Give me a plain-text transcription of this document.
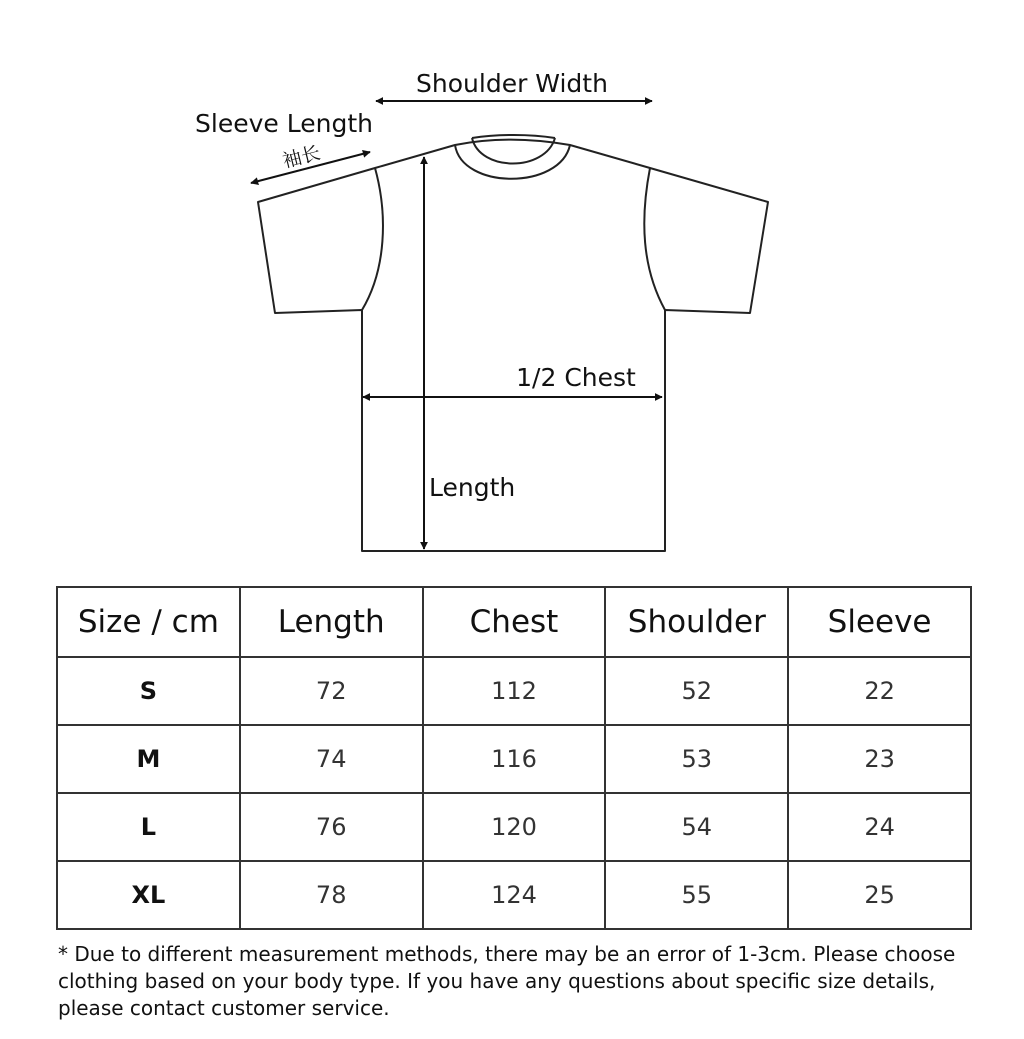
Shoulder Width
Sleeve Length
袖长
1/2 Chest
Length
Size / cm	Length	Chest	Shoulder	Sleeve
S	72	112	52	22
M	74	116	53	23
L	76	120	54	24
XL	78	124	55	25

* Due to different measurement methods, there may be an error of 1-3cm. Please choose clothing based on your body type. If you have any questions about specific size details, please contact customer service.
